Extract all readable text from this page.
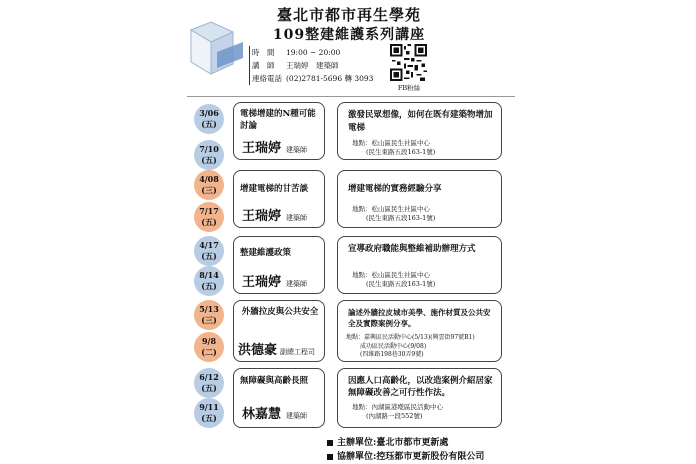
臺北市都市再生學苑
109整建維護系列講座
時　間 19:00 ~ 20:00
講　師 王瑞婷　建築師
連絡電話 (02)2781-5696 轉 3093
FB粉絲
3/06
(五)
7/10
(五)
電梯增建的N種可能討論
王瑞婷 建築師
激發民眾想像，如何在既有建築物增加電梯
地點：松山區民生社區中心
(民生東路五段163-1號)
4/08
(三)
7/17
(五)
增建電梯的甘苦談
王瑞婷 建築師
增建電梯的實務經驗分享
地點：松山區民生社區中心
(民生東路五段163-1號)
4/17
(五)
8/14
(五)
整建維護政策
王瑞婷 建築師
宣導政府職能與整維補助辦理方式
地點：松山區民生社區中心
(民生東路五段163-1號)
5/13
(三)
9/8
(二)
外牆拉皮與公共安全
洪德豪 副總工程司
論述外牆拉皮城市美學、施作材質及公共安全及實際案例分享。
地點：嘉興區民活動中心(5/13)(興雲街97號B1)
成功區民活動中心(9/08)
(四維路198巷30弄9號)
6/12
(五)
9/11
(五)
無障礙與高齡長照
林嘉慧 建築師
因應人口高齡化，以改造案例介紹居家無障礙改善之可行性作法。
地點：內湖區港墘區民活動中心
(內湖路一段552號)
主辦單位:臺北市都市更新處
協辦單位:控珏都市更新股份有限公司
